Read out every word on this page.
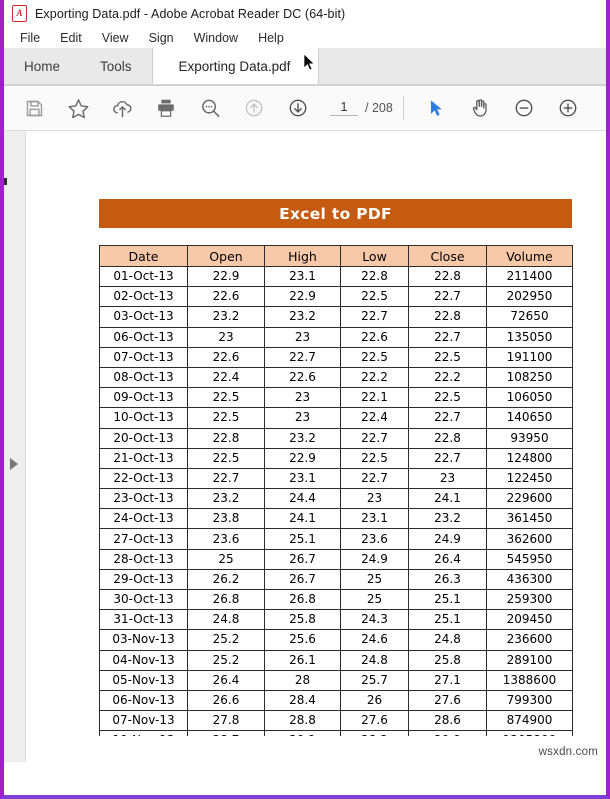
A
Exporting Data.pdf - Adobe Acrobat Reader DC (64-bit)
File	Edit	View	Sign	Window	Help
Home	Tools	Exporting Data.pdf
1
/ 208
Excel to PDF
Date	Open	High	Low	Close	Volume
01-Oct-13	22.9	23.1	22.8	22.8	211400
02-Oct-13	22.6	22.9	22.5	22.7	202950
03-Oct-13	23.2	23.2	22.7	22.8	72650
06-Oct-13	23	23	22.6	22.7	135050
07-Oct-13	22.6	22.7	22.5	22.5	191100
08-Oct-13	22.4	22.6	22.2	22.2	108250
09-Oct-13	22.5	23	22.1	22.5	106050
10-Oct-13	22.5	23	22.4	22.7	140650
20-Oct-13	22.8	23.2	22.7	22.8	93950
21-Oct-13	22.5	22.9	22.5	22.7	124800
22-Oct-13	22.7	23.1	22.7	23	122450
23-Oct-13	23.2	24.4	23	24.1	229600
24-Oct-13	23.8	24.1	23.1	23.2	361450
27-Oct-13	23.6	25.1	23.6	24.9	362600
28-Oct-13	25	26.7	24.9	26.4	545950
29-Oct-13	26.2	26.7	25	26.3	436300
30-Oct-13	26.8	26.8	25	25.1	259300
31-Oct-13	24.8	25.8	24.3	25.1	209450
03-Nov-13	25.2	25.6	24.6	24.8	236600
04-Nov-13	25.2	26.1	24.8	25.8	289100
05-Nov-13	26.4	28	25.7	27.1	1388600
06-Nov-13	26.6	28.4	26	27.6	799300
07-Nov-13	27.8	28.8	27.6	28.6	874900

wsxdn.com
